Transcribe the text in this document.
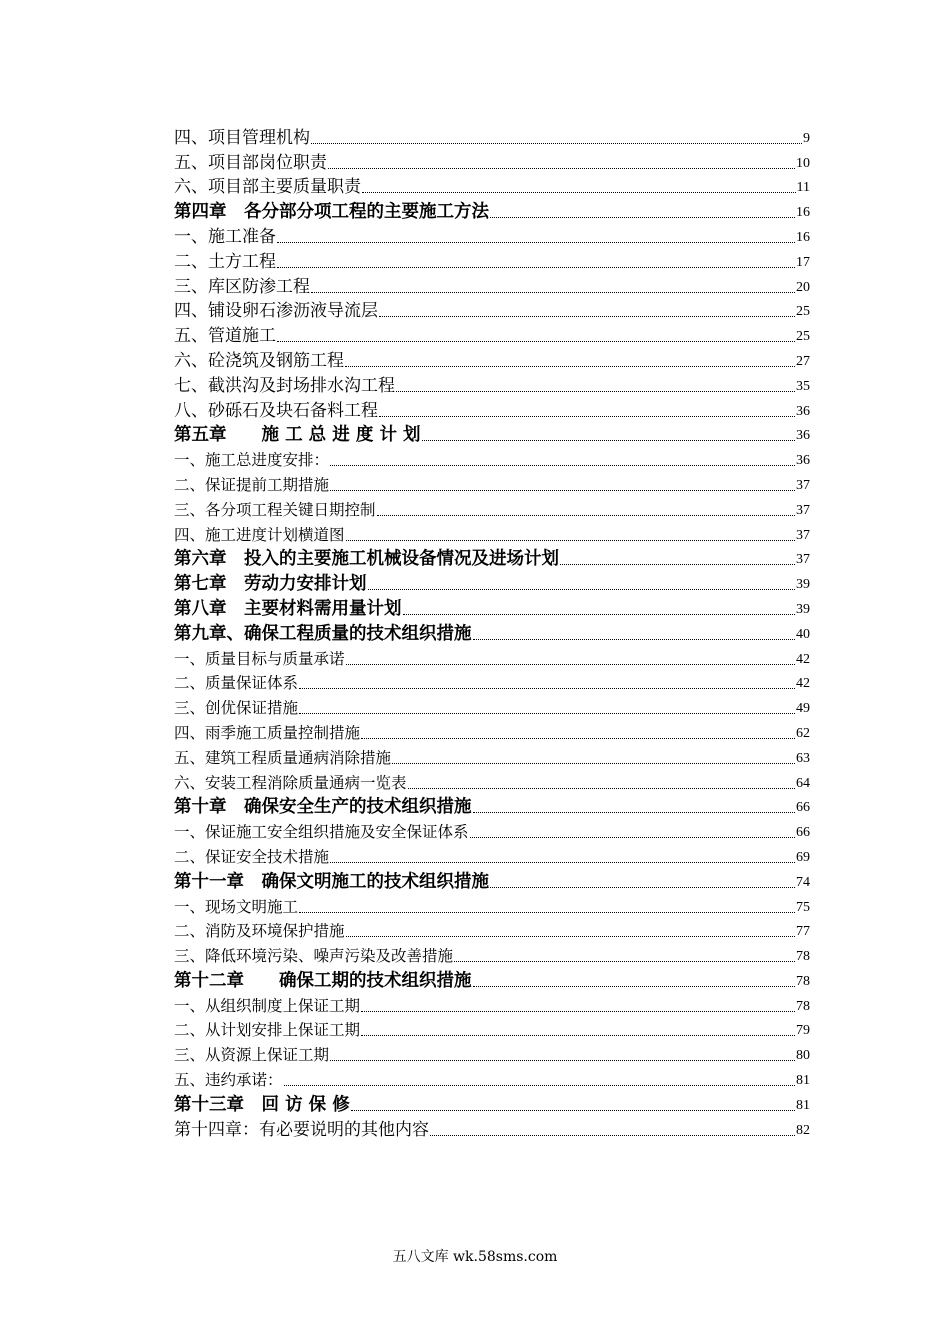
四、项目管理机构	9
五、项目部岗位职责	10
六、项目部主要质量职责	11
第四章　各分部分项工程的主要施工方法	16
一、施工准备	16
二、土方工程	17
三、库区防渗工程	20
四、铺设卵石渗沥液导流层	25
五、管道施工	25
六、砼浇筑及钢筋工程	27
七、截洪沟及封场排水沟工程	35
八、砂砾石及块石备料工程	36
第五章　　施 工 总 进 度 计 划	36
一、施工总进度安排：	36
二、保证提前工期措施	37
三、各分项工程关键日期控制	37
四、施工进度计划横道图	37
第六章　投入的主要施工机械设备情况及进场计划	37
第七章　劳动力安排计划	39
第八章　主要材料需用量计划	39
第九章、确保工程质量的技术组织措施	40
一、质量目标与质量承诺	42
二、质量保证体系	42
三、创优保证措施	49
四、雨季施工质量控制措施	62
五、建筑工程质量通病消除措施	63
六、安装工程消除质量通病一览表	64
第十章　确保安全生产的技术组织措施	66
一、保证施工安全组织措施及安全保证体系	66
二、保证安全技术措施	69
第十一章　确保文明施工的技术组织措施	74
一、现场文明施工	75
二、消防及环境保护措施	77
三、降低环境污染、噪声污染及改善措施	78
第十二章　　确保工期的技术组织措施	78
一、从组织制度上保证工期	78
二、从计划安排上保证工期	79
三、从资源上保证工期	80
五、违约承诺：	81
第十三章　回 访 保 修	81
第十四章：有必要说明的其他内容	82
五八文库 wk.58sms.com
